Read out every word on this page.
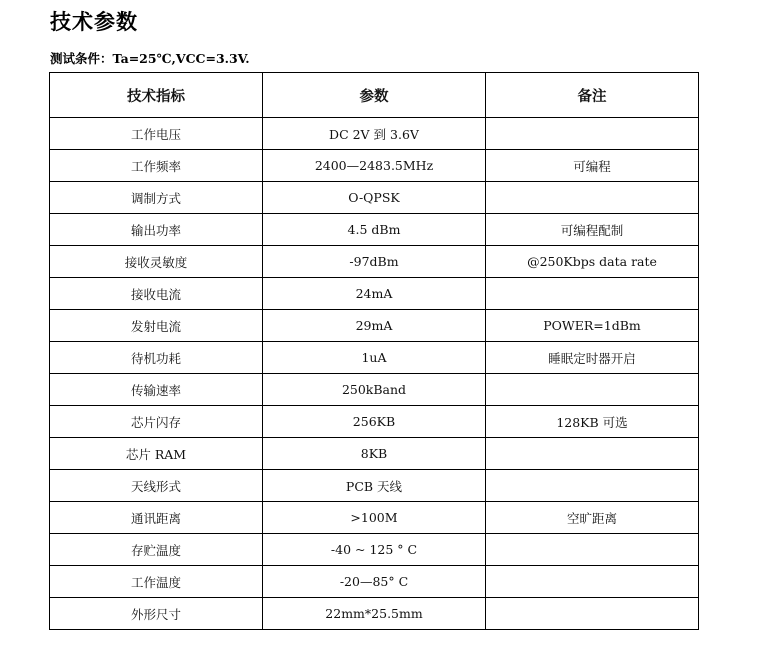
技术参数
测试条件：Ta=25℃,VCC=3.3V.
技术指标	参数	备注
工作电压	DC 2V 到 3.6V	
工作频率	2400—2483.5MHz	可编程
调制方式	O-QPSK	
输出功率	4.5 dBm	可编程配制
接收灵敏度	-97dBm	@250Kbps data rate
接收电流	24mA	
发射电流	29mA	POWER=1dBm
待机功耗	1uA	睡眠定时器开启
传输速率	250kBand	
芯片闪存	256KB	128KB 可选
芯片 RAM	8KB	
天线形式	PCB 天线	
通讯距离	>100M	空旷距离
存贮温度	-40 ~ 125 ° C	
工作温度	-20—85° C	
外形尺寸	22mm*25.5mm	
